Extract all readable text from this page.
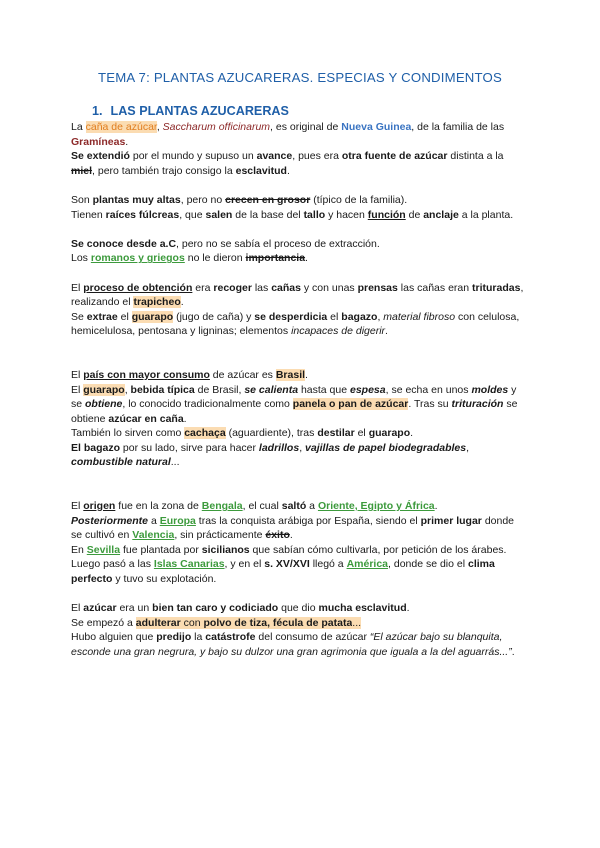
TEMA 7: PLANTAS AZUCARERAS. ESPECIAS Y CONDIMENTOS
1. LAS PLANTAS AZUCARERAS

La caña de azúcar, Saccharum officinarum, es original de Nueva Guinea, de la familia de las Gramíneas.

Se extendió por el mundo y supuso un avance, pues era otra fuente de azúcar distinta a la miel, pero también trajo consigo la esclavitud.

Son plantas muy altas, pero no crecen en grosor (típico de la familia).

Tienen raíces fúlcreas, que salen de la base del tallo y hacen función de anclaje a la planta.

Se conoce desde a.C, pero no se sabía el proceso de extracción.

Los romanos y griegos no le dieron importancia.

El proceso de obtención era recoger las cañas y con unas prensas las cañas eran trituradas, realizando el trapicheo.

Se extrae el guarapo (jugo de caña) y se desperdicia el bagazo, material fibroso con celulosa, hemicelulosa, pentosana y ligninas; elementos incapaces de digerir.

El país con mayor consumo de azúcar es Brasil.

El guarapo, bebida típica de Brasil, se calienta hasta que espesa, se echa en unos moldes y se obtiene, lo conocido tradicionalmente como panela o pan de azúcar. Tras su trituración se obtiene azúcar en caña.

También lo sirven como cachaça (aguardiente), tras destilar el guarapo.

El bagazo por su lado, sirve para hacer ladrillos, vajillas de papel biodegradables, combustible natural...

El origen fue en la zona de Bengala, el cual saltó a Oriente, Egipto y África.

Posteriormente a Europa tras la conquista arábiga por España, siendo el primer lugar donde se cultivó en Valencia, sin prácticamente éxito.

En Sevilla fue plantada por sicilianos que sabían cómo cultivarla, por petición de los árabes.

Luego pasó a las Islas Canarias, y en el s. XV/XVI llegó a América, donde se dio el clima perfecto y tuvo su explotación.

El azúcar era un bien tan caro y codiciado que dio mucha esclavitud.

Se empezó a adulterar con polvo de tiza, fécula de patata...

Hubo alguien que predijo la catástrofe del consumo de azúcar “El azúcar bajo su blanquita, esconde una gran negrura, y bajo su dulzor una gran agrimonia que iguala a la del aguarrás...”.
